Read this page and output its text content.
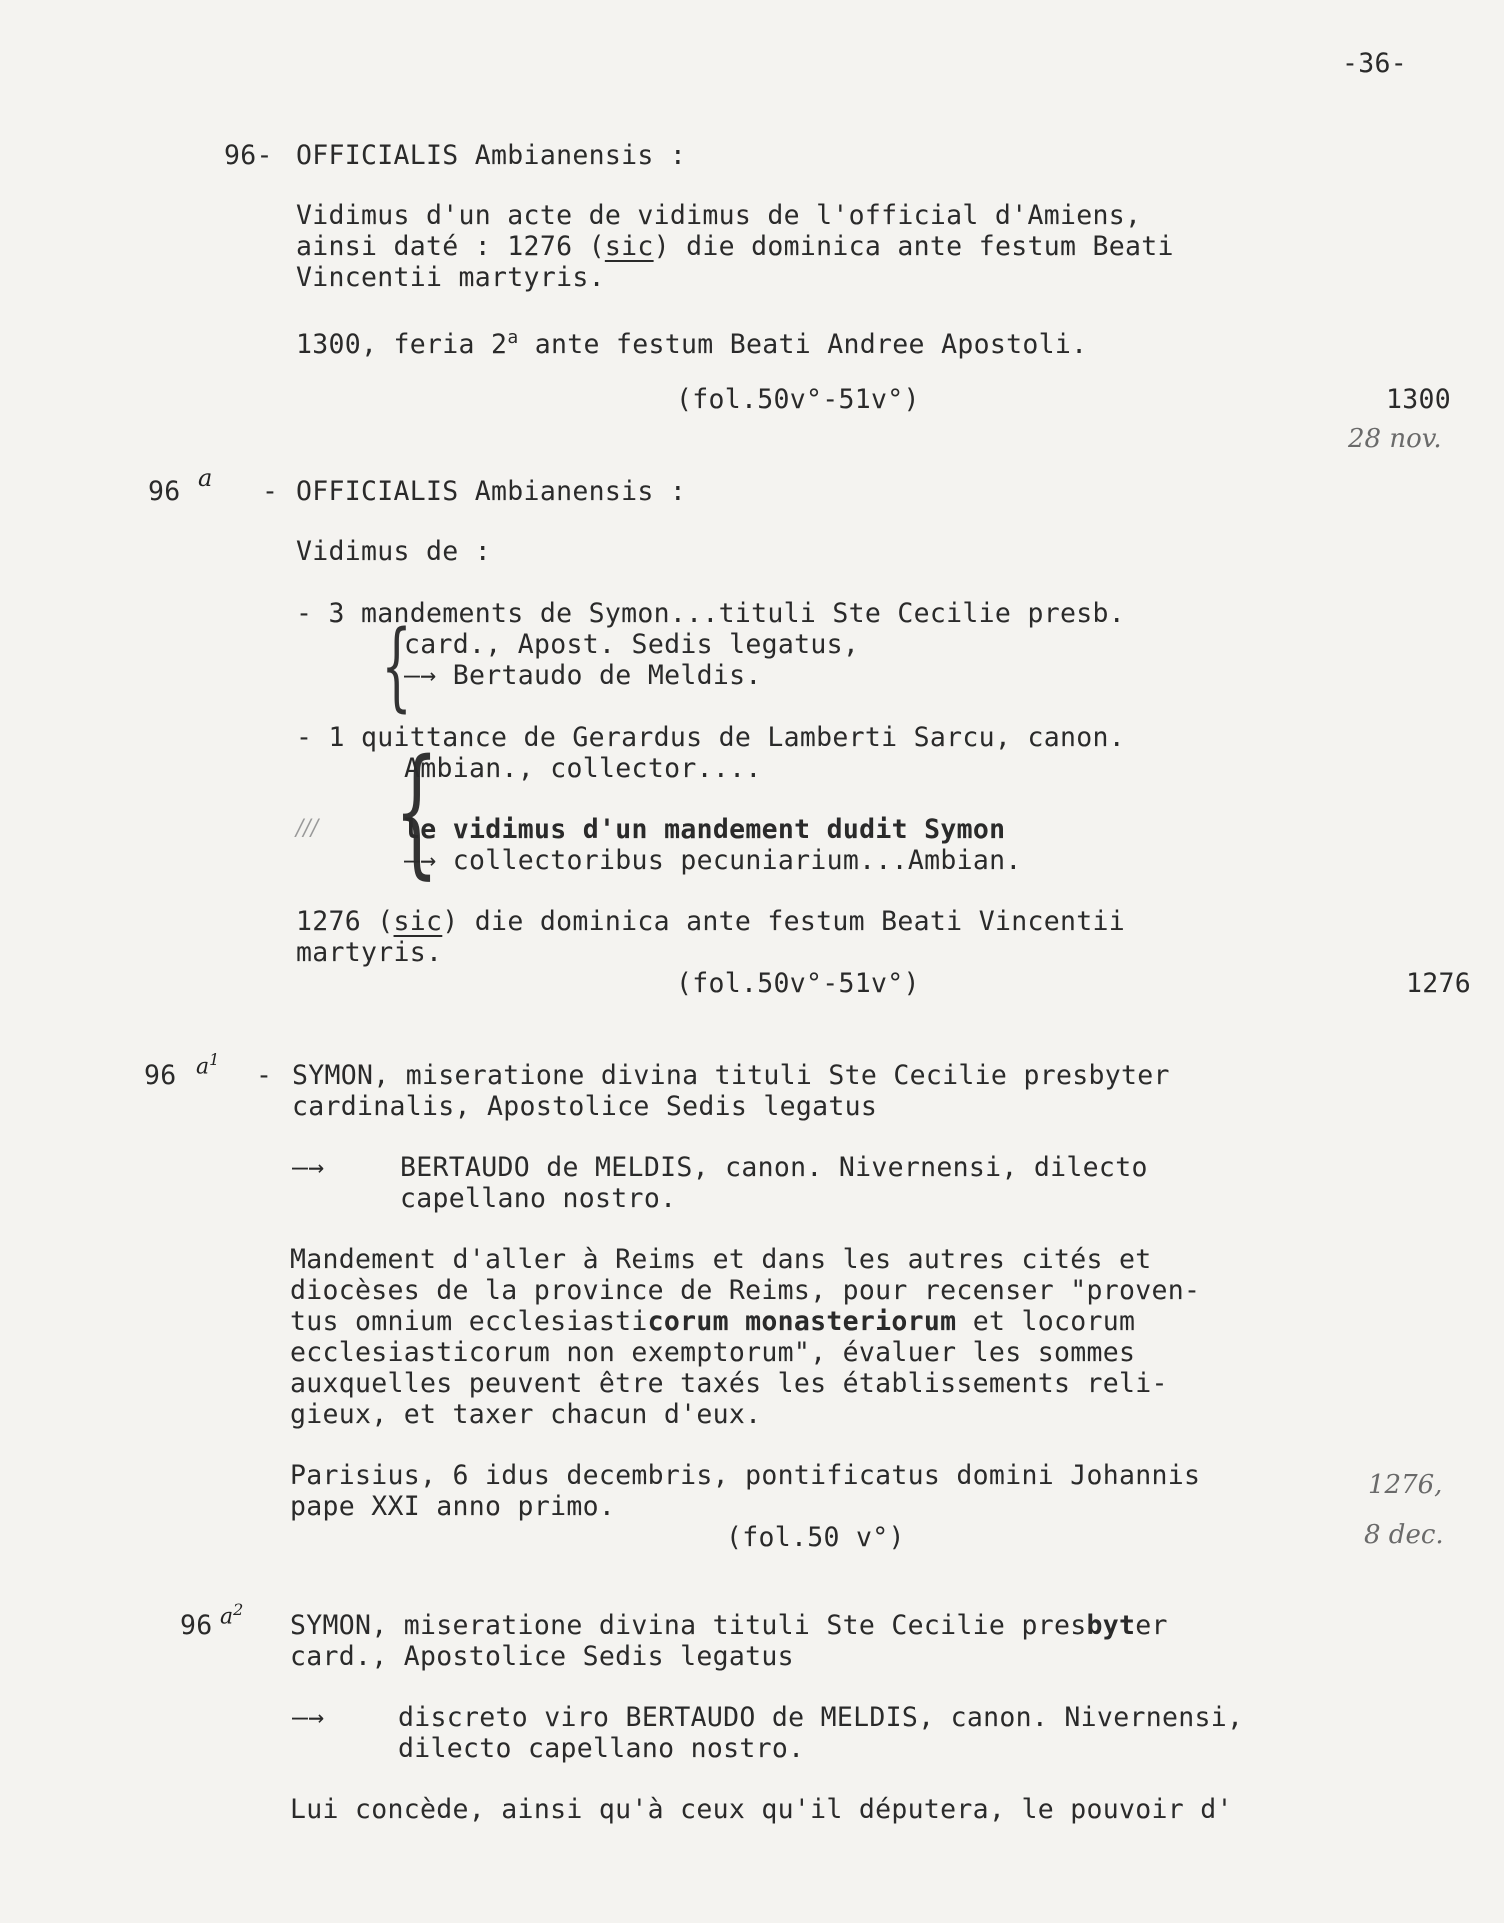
-36-
96- OFFICIALIS Ambianensis :
Vidimus d'un acte de vidimus de l'official d'Amiens,
ainsi daté : 1276 (sic) die dominica ante festum Beati
Vincentii martyris.
1300, feria 2$^a$ ante festum Beati Andree Apostoli.
(fol.50v°-51v°)	1300
28 nov.
96 a - OFFICIALIS Ambianensis :
Vidimus de :
- 3 mandements de Symon...tituli Ste Cecilie presb.
{
card., Apost. Sedis legatus,
—→ Bertaudo de Meldis.
- 1 quittance de Gerardus de Lamberti Sarcu, canon.
{
Ambian., collector....
le vidimus d'un mandement dudit Symon
///
—→ collectoribus pecuniarium...Ambian.
1276 (sic) die dominica ante festum Beati Vincentii
martyris.
(fol.50v°-51v°)	1276
96 $a^1$
- SYMON, miseratione divina tituli Ste Cecilie presbyter
cardinalis, Apostolice Sedis legatus
—→	BERTAUDO de MELDIS, canon. Nivernensi, dilecto
capellano nostro.
Mandement d'aller à Reims et dans les autres cités et
diocèses de la province de Reims, pour recenser "proven-
tus omnium ecclesiasticorum monasteriorum et locorum
ecclesiasticorum non exemptorum", évaluer les sommes
auxquelles peuvent être taxés les établissements reli-
gieux, et taxer chacun d'eux.
Parisius, 6 idus decembris, pontificatus domini Johannis
pape XXI anno primo.
(fol.50 v°)
1276,
8 dec.
96 $a^2$
SYMON, miseratione divina tituli Ste Cecilie presbyter
card., Apostolice Sedis legatus
—→	discreto viro BERTAUDO de MELDIS, canon. Nivernensi,
dilecto capellano nostro.
Lui concède, ainsi qu'à ceux qu'il députera, le pouvoir d'
